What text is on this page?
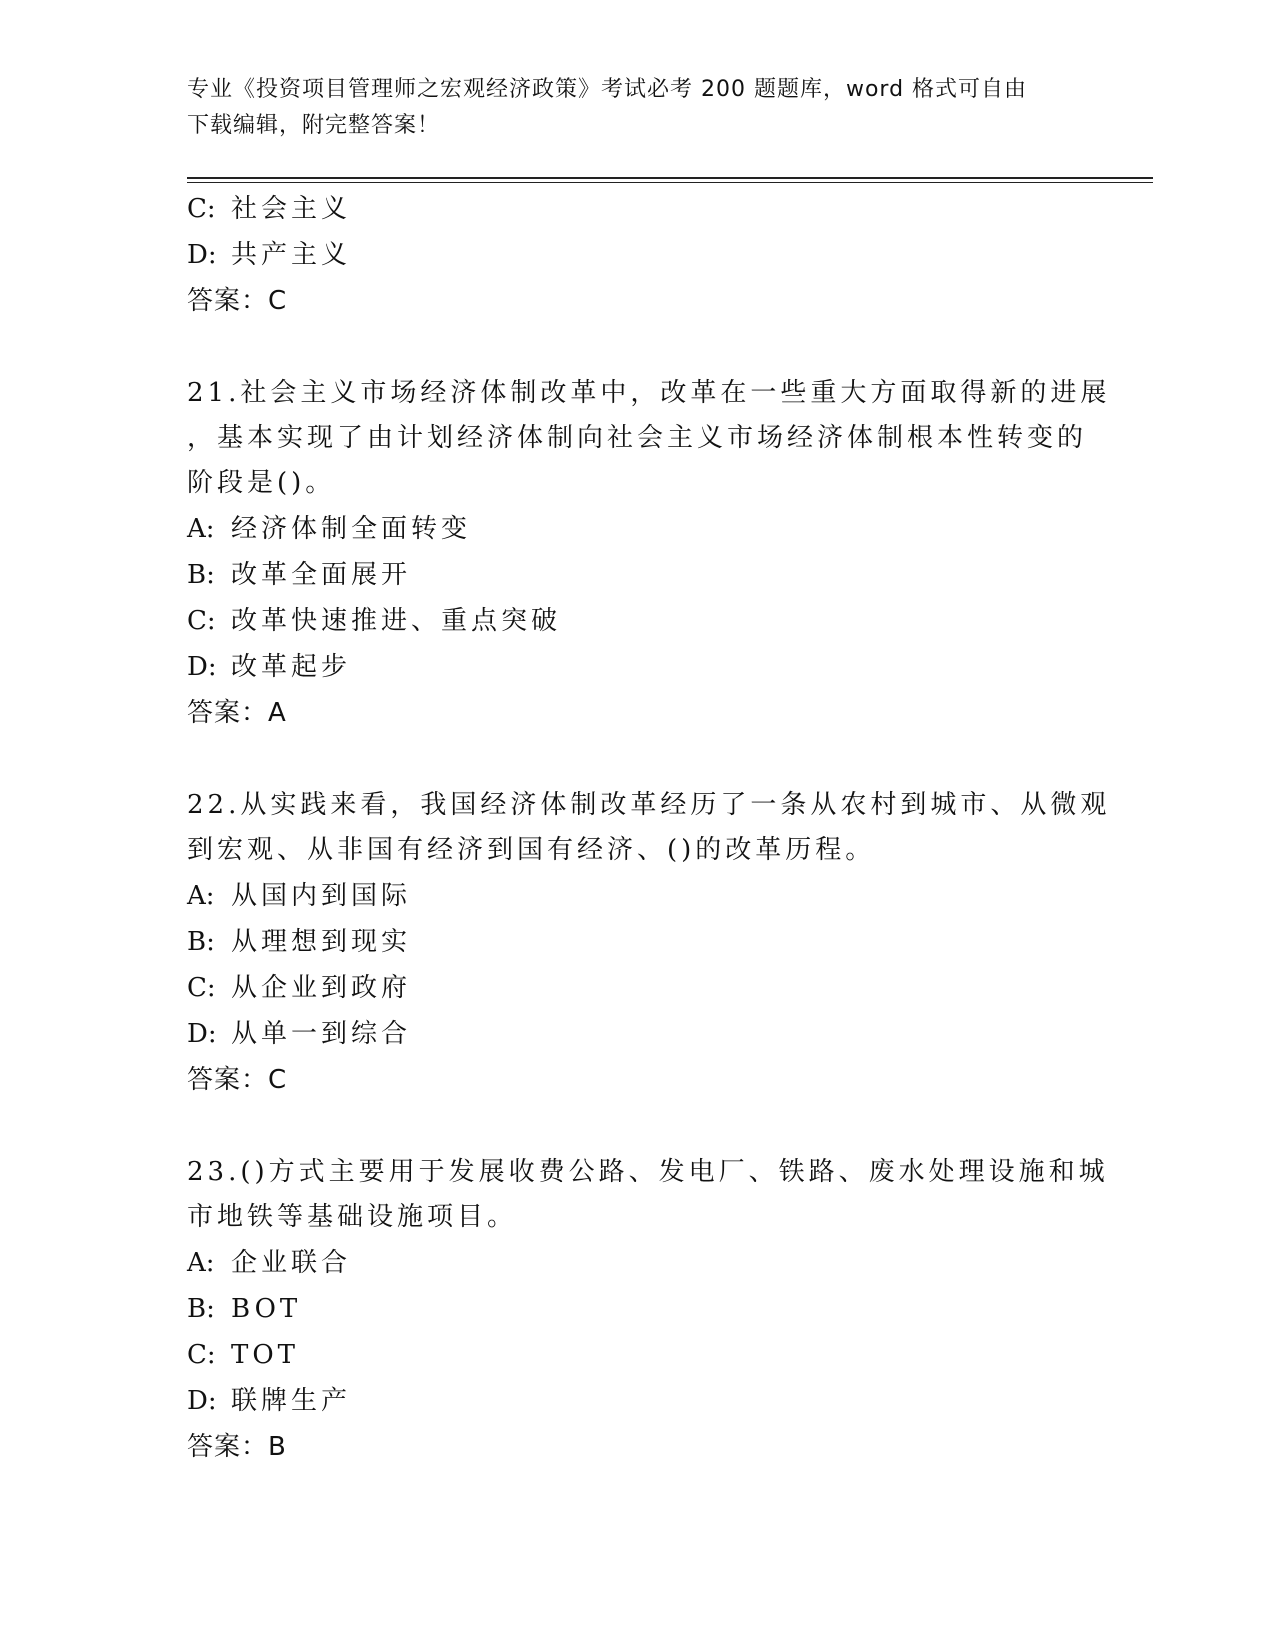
专业《投资项目管理师之宏观经济政策》考试必考 200 题题库，word 格式可自由
下载编辑，附完整答案！
C: 社会主义
D: 共产主义
答案：C
21.社会主义市场经济体制改革中，改革在一些重大方面取得新的进展
，基本实现了由计划经济体制向社会主义市场经济体制根本性转变的
阶段是()。
A: 经济体制全面转变
B: 改革全面展开
C: 改革快速推进、重点突破
D: 改革起步
答案：A
22.从实践来看，我国经济体制改革经历了一条从农村到城市、从微观
到宏观、从非国有经济到国有经济、()的改革历程。
A: 从国内到国际
B: 从理想到现实
C: 从企业到政府
D: 从单一到综合
答案：C
23.()方式主要用于发展收费公路、发电厂、铁路、废水处理设施和城
市地铁等基础设施项目。
A: 企业联合
B: BOT
C: TOT
D: 联牌生产
答案：B
